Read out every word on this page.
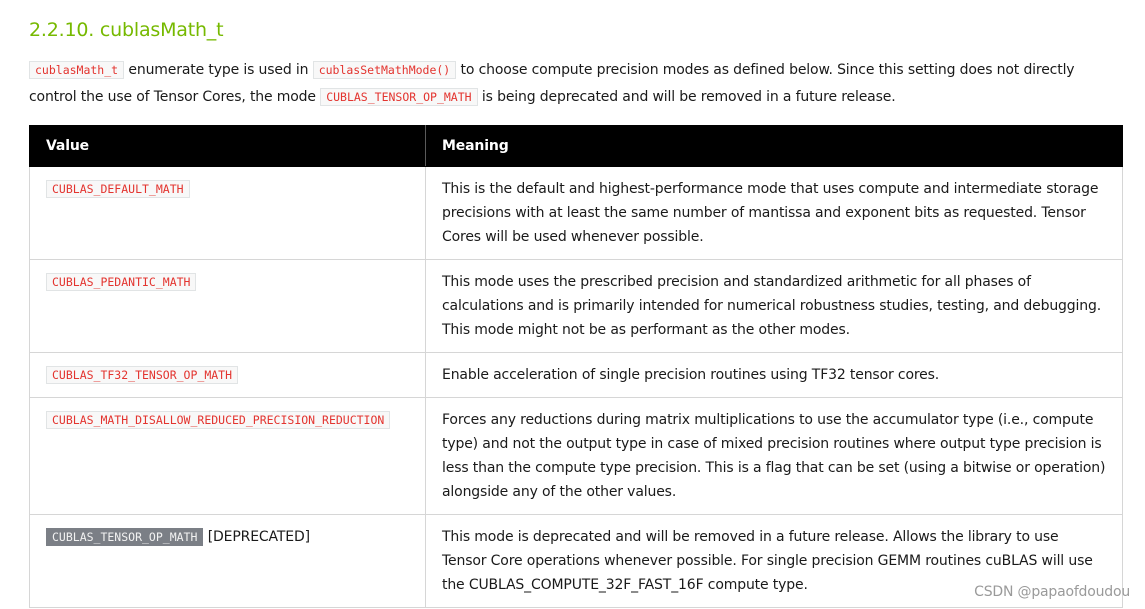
2.2.10. cublasMath_t

cublasMath_t enumerate type is used in cublasSetMathMode() to choose compute precision modes as defined below. Since this setting does not directly control the use of Tensor Cores, the mode CUBLAS_TENSOR_OP_MATH is being deprecated and will be removed in a future release.

Value	Meaning
CUBLAS_DEFAULT_MATH	This is the default and highest-performance mode that uses compute and intermediate storage precisions with at least the same number of mantissa and exponent bits as requested. Tensor Cores will be used whenever possible.
CUBLAS_PEDANTIC_MATH	This mode uses the prescribed precision and standardized arithmetic for all phases of calculations and is primarily intended for numerical robustness studies, testing, and debugging. This mode might not be as performant as the other modes.
CUBLAS_TF32_TENSOR_OP_MATH	Enable acceleration of single precision routines using TF32 tensor cores.
CUBLAS_MATH_DISALLOW_REDUCED_PRECISION_REDUCTION	Forces any reductions during matrix multiplications to use the accumulator type (i.e., compute type) and not the output type in case of mixed precision routines where output type precision is less than the compute type precision. This is a flag that can be set (using a bitwise or operation) alongside any of the other values.
CUBLAS_TENSOR_OP_MATH [DEPRECATED]	This mode is deprecated and will be removed in a future release. Allows the library to use Tensor Core operations whenever possible. For single precision GEMM routines cuBLAS will use the CUBLAS_COMPUTE_32F_FAST_16F compute type.	CSDN @papaofdoudou
